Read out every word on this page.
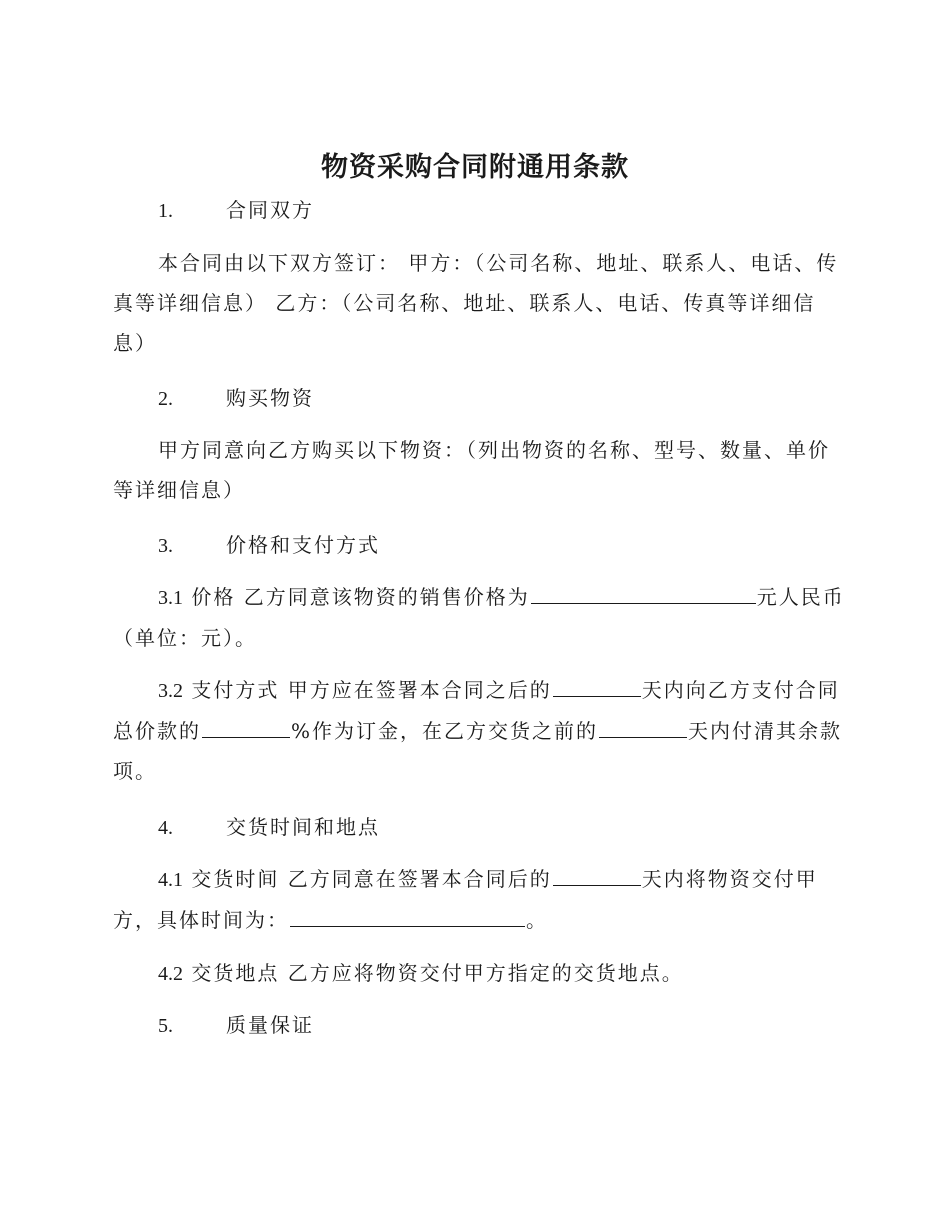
物资采购合同附通用条款
1.	合同双方
本合同由以下双方签订： 甲方：（公司名称、地址、联系人、电话、传
真等详细信息） 乙方：（公司名称、地址、联系人、电话、传真等详细信
息）
2.	购买物资
甲方同意向乙方购买以下物资：（列出物资的名称、型号、数量、单价
等详细信息）
3.	价格和支付方式
3.1 价格 乙方同意该物资的销售价格为	元人民币
（单位：元）。
3.2 支付方式 甲方应在签署本合同之后的	天内向乙方支付合同
总价款的	%作为订金，在乙方交货之前的	天内付清其余款
项。
4.	交货时间和地点
4.1 交货时间 乙方同意在签署本合同后的	天内将物资交付甲
方，具体时间为：	。
4.2 交货地点 乙方应将物资交付甲方指定的交货地点。
5.	质量保证
